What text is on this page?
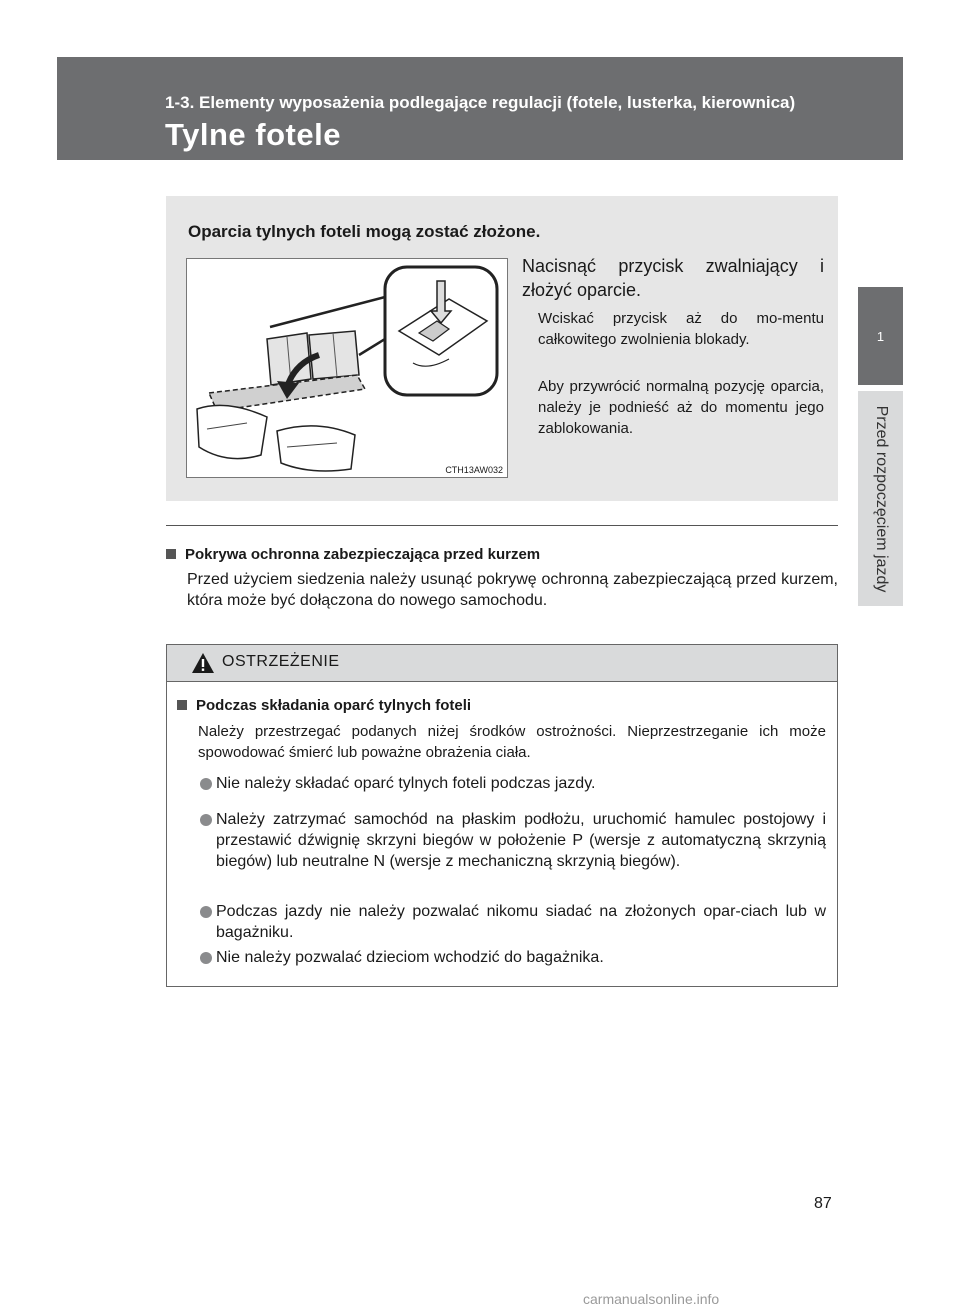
1-3. Elementy wyposażenia podlegające regulacji (fotele, lusterka, kierownica)
Tylne fotele
1
Przed rozpoczęciem jazdy
Oparcia tylnych foteli mogą zostać złożone.
CTH13AW032
Nacisnąć przycisk zwalniający i złożyć oparcie.
Wciskać przycisk aż do mo-mentu całkowitego zwolnienia blokady.
Aby przywrócić normalną pozycję oparcia, należy je podnieść aż do momentu jego zablokowania.
Pokrywa ochronna zabezpieczająca przed kurzem
Przed użyciem siedzenia należy usunąć pokrywę ochronną zabezpieczającą przed kurzem, która może być dołączona do nowego samochodu.
OSTRZEŻENIE
Podczas składania oparć tylnych foteli
Należy przestrzegać podanych niżej środków ostrożności. Nieprzestrzeganie ich może spowodować śmierć lub poważne obrażenia ciała.
Nie należy składać oparć tylnych foteli podczas jazdy.
Należy zatrzymać samochód na płaskim podłożu, uruchomić hamulec postojowy i przestawić dźwignię skrzyni biegów w położenie P (wersje z automatyczną skrzynią biegów) lub neutralne N (wersje z mechaniczną skrzynią biegów).
Podczas jazdy nie należy pozwalać nikomu siadać na złożonych opar-ciach lub w bagażniku.
Nie należy pozwalać dzieciom wchodzić do bagażnika.
87
carmanualsonline.info
